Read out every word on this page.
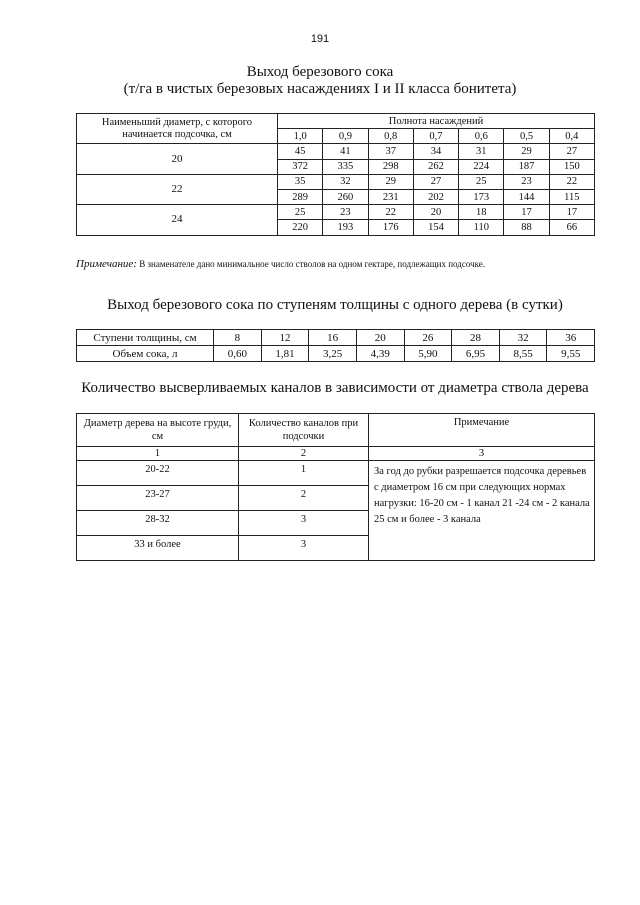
191
Выход березового сока
(т/га в чистых березовых насаждениях I и II класса бонитета)
Наименьший диаметр, с которого начинается подсочка, см	Полнота насаждений						
	1,0	0,9	0,8	0,7	0,6	0,5	0,4
20	45	41	37	34	31	29	27
	372	335	298	262	224	187	150
22	35	32	29	27	25	23	22
	289	260	231	202	173	144	115
24	25	23	22	20	18	17	17
	220	193	176	154	110	88	66
Примечание: В знаменателе дано минимальное число стволов на одном гектаре, подлежащих подсочке.
Выход березового сока по ступеням толщины с одного дерева (в сутки)
Ступени толщины, см	8	12	16	20	26	28	32	36
Объем сока, л	0,60	1,81	3,25	4,39	5,90	6,95	8,55	9,55
Количество высверливаемых каналов в зависимости от диаметра ствола дерева
Диаметр дерева на высоте груди, см	Количество каналов при подсочки	Примечание
1	2	3
20-22	1	За год до рубки разрешается подсочка деревьев с диаметром 16 см при следующих нормах нагрузки: 16-20 см - 1 канал 21 -24 см - 2 канала 25 см и более - 3 канала
23-27	2	
28-32	3	
33 и более	3	
